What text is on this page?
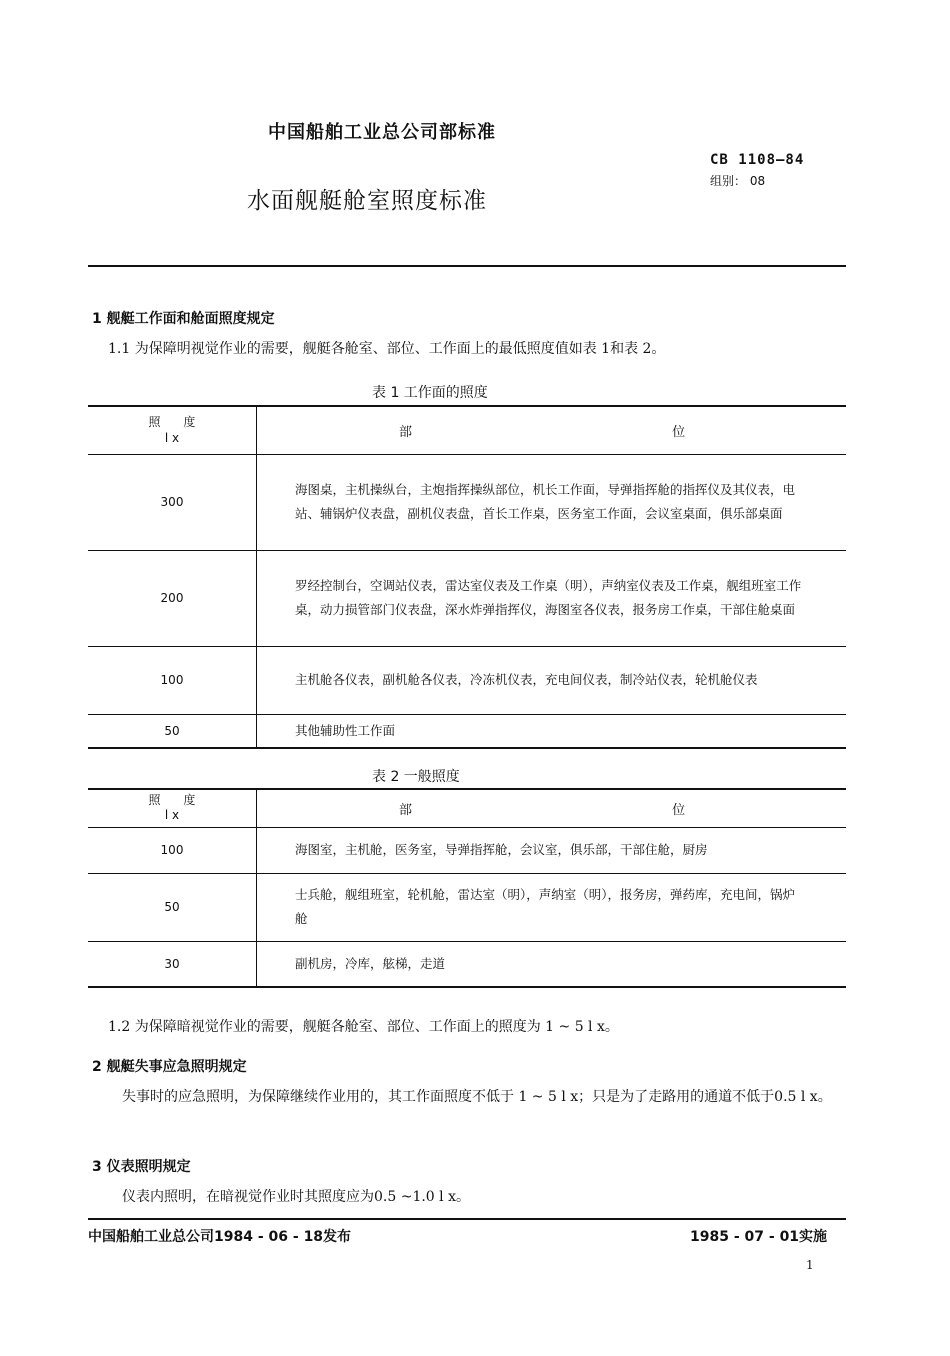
中国船舶工业总公司部标准
水面舰艇舱室照度标准
CB 1108—84
组别： 08
1 舰艇工作面和舱面照度规定
1.1 为保障明视觉作业的需要，舰艇各舱室、部位、工作面上的最低照度值如表 1和表 2。
表 1 工作面的照度
照      度
l x	部 位
300	海图桌，主机操纵台，主炮指挥操纵部位，机长工作面，导弹指挥舱的指挥仪及其仪表，电站、辅锅炉仪表盘，副机仪表盘，首长工作桌，医务室工作面，会议室桌面，俱乐部桌面
200	罗经控制台，空调站仪表，雷达室仪表及工作桌（明），声纳室仪表及工作桌，舰组班室工作桌，动力损管部门仪表盘，深水炸弹指挥仪，海图室各仪表，报务房工作桌，干部住舱桌面
100	主机舱各仪表，副机舱各仪表，冷冻机仪表，充电间仪表，制冷站仪表，轮机舱仪表
50	其他辅助性工作面
表 2 一般照度
照      度
l x	部 位
100	海图室，主机舱，医务室，导弹指挥舱，会议室，俱乐部，干部住舱，厨房
50	士兵舱，舰组班室，轮机舱，雷达室（明），声纳室（明），报务房，弹药库，充电间，锅炉舱
30	副机房，冷库，舷梯，走道
1.2 为保障暗视觉作业的需要，舰艇各舱室、部位、工作面上的照度为 1 ~ 5 l x。
2 舰艇失事应急照明规定
失事时的应急照明，为保障继续作业用的，其工作面照度不低于 1 ~ 5 l x；只是为了走路用的通道不低于0.5 l x。
3 仪表照明规定
仪表内照明，在暗视觉作业时其照度应为0.5 ~1.0 l x。
中国船舶工业总公司1984 - 06 - 18发布	1985 - 07 - 01实施
1
